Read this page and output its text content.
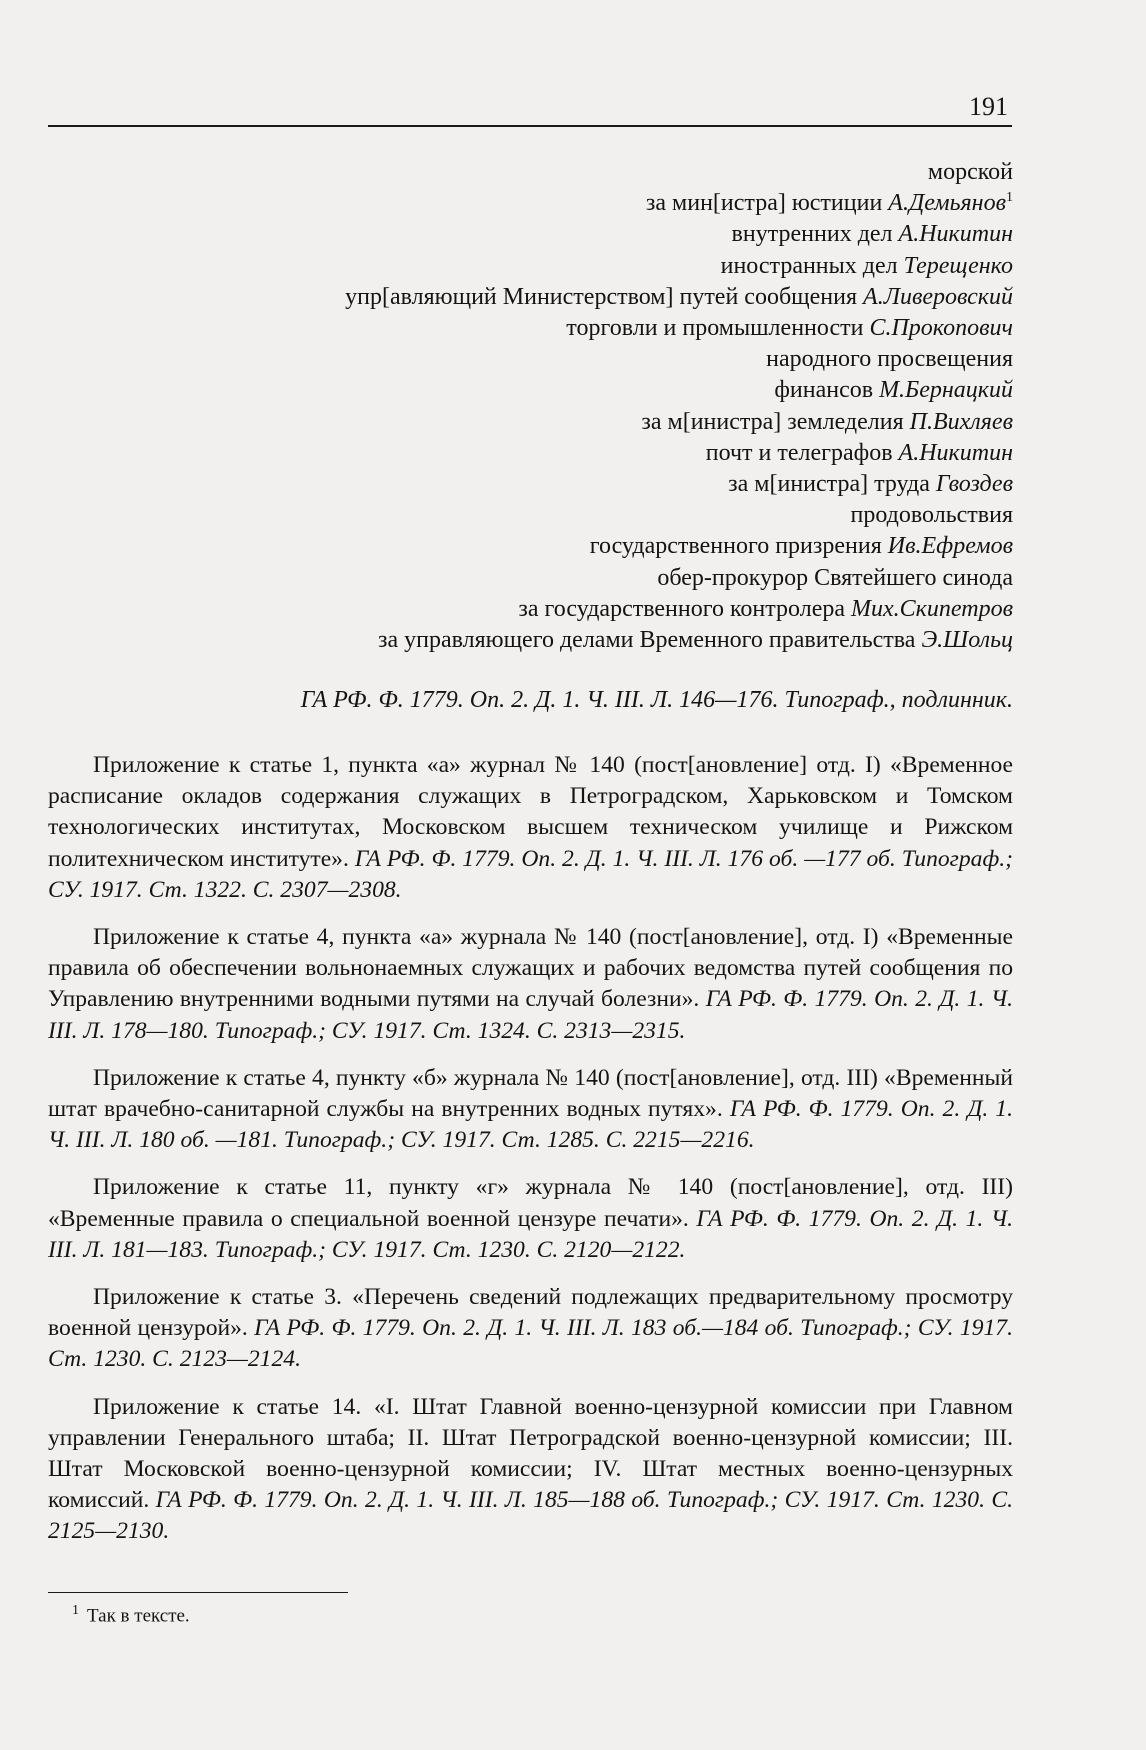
191
морской
за мин[истра] юстиции А.Демьянов$^1$
внутренних дел А.Никитин
иностранных дел Терещенко
упр[авляющий Министерством] путей сообщения А.Ливеровский
торговли и промышленности С.Прокопович
народного просвещения
финансов М.Бернацкий
за м[инистра] земледелия П.Вихляев
почт и телеграфов А.Никитин
за м[инистра] труда Гвоздев
продовольствия
государственного призрения Ив.Ефремов
обер-прокурор Святейшего синода
за государственного контролера Мих.Скипетров
за управляющего делами Временного правительства Э.Шольц
ГА РФ. Ф. 1779. Оп. 2. Д. 1. Ч. III. Л. 146—176. Типограф., подлинник.

Приложение к статье 1, пункта «а» журнал № 140 (пост[ановление] отд. I) «Временное расписание окладов содержания служащих в Петроградском, Харьковском и Томском технологических институтах, Московском высшем техническом училище и Рижском политехническом институте». ГА РФ. Ф. 1779. Оп. 2. Д. 1. Ч. III. Л. 176 об. —177 об. Типограф.; СУ. 1917. Ст. 1322. С. 2307—2308.

Приложение к статье 4, пункта «а» журнала № 140 (пост[ановление], отд. I) «Временные правила об обеспечении вольнонаемных служащих и рабочих ведомства путей сообщения по Управлению внутренними водными путями на случай болезни». ГА РФ. Ф. 1779. Оп. 2. Д. 1. Ч. III. Л. 178—180. Типограф.; СУ. 1917. Ст. 1324. С. 2313—2315.

Приложение к статье 4, пункту «б» журнала № 140 (пост[ановление], отд. III) «Временный штат врачебно-санитарной службы на внутренних водных путях». ГА РФ. Ф. 1779. Оп. 2. Д. 1. Ч. III. Л. 180 об. —181. Типограф.; СУ. 1917. Ст. 1285. С. 2215—2216.

Приложение к статье 11, пункту «г» журнала № 140 (пост[ановление], отд. III) «Временные правила о специальной военной цензуре печати». ГА РФ. Ф. 1779. Оп. 2. Д. 1. Ч. III. Л. 181—183. Типограф.; СУ. 1917. Ст. 1230. С. 2120—2122.

Приложение к статье 3. «Перечень сведений подлежащих предварительному просмотру военной цензурой». ГА РФ. Ф. 1779. Оп. 2. Д. 1. Ч. III. Л. 183 об.—184 об. Типограф.; СУ. 1917. Ст. 1230. С. 2123—2124.

Приложение к статье 14. «I. Штат Главной военно-цензурной комиссии при Главном управлении Генерального штаба; II. Штат Петроградской военно-цензурной комиссии; III. Штат Московской военно-цензурной комиссии; IV. Штат местных военно-цензурных комиссий. ГА РФ. Ф. 1779. Оп. 2. Д. 1. Ч. III. Л. 185—188 об. Типограф.; СУ. 1917. Ст. 1230. С. 2125—2130.

$^1$ Так в тексте.
